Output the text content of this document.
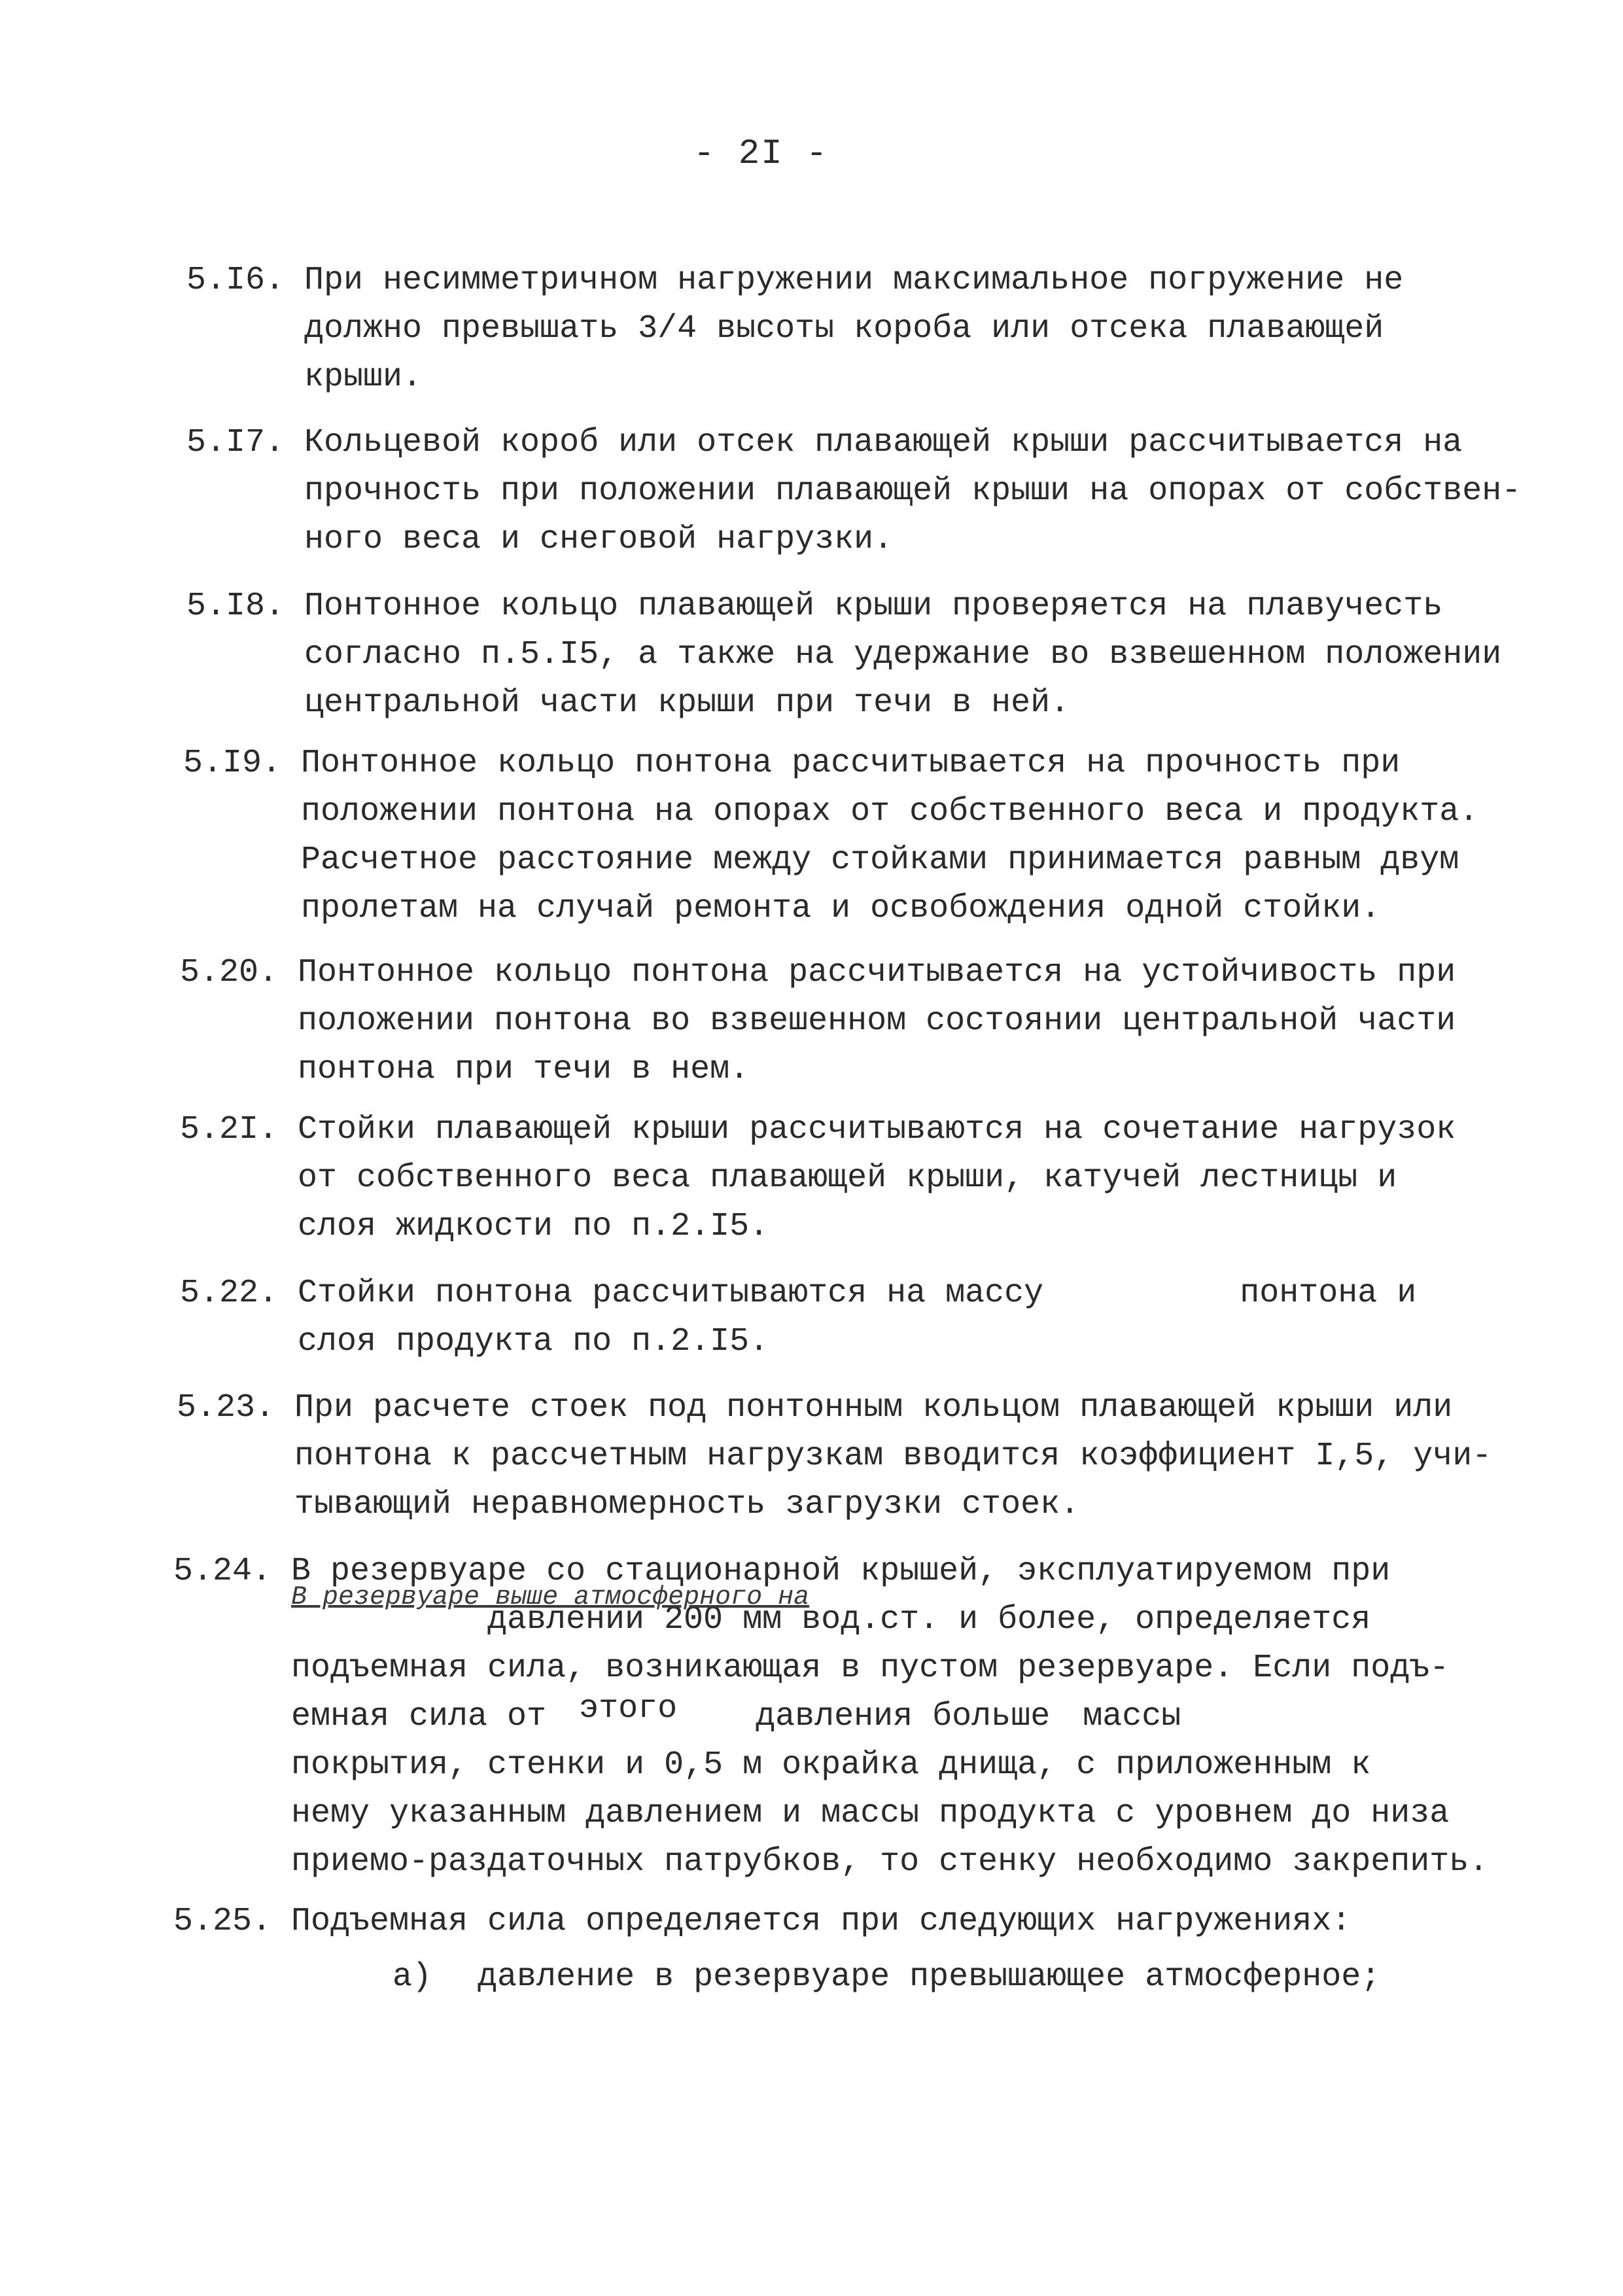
- 2I -
5.I6. При несимметричном нагружении максимальное погружение не
должно превышать 3/4 высоты короба или отсека плавающей
крыши.
5.I7. Кольцевой короб или отсек плавающей крыши рассчитывается на
прочность при положении плавающей крыши на опорах от собствен-
ного веса и снеговой нагрузки.
5.I8. Понтонное кольцо плавающей крыши проверяется на плавучесть
согласно п.5.I5, а также на удержание во взвешенном положении
центральной части крыши при течи в ней.
5.I9. Понтонное кольцо понтона рассчитывается на прочность при
положении понтона на опорах от собственного веса и продукта.
Расчетное расстояние между стойками принимается равным двум
пролетам на случай ремонта и освобождения одной стойки.
5.20. Понтонное кольцо понтона рассчитывается на устойчивость при
положении понтона во взвешенном состоянии центральной части
понтона при течи в нем.
5.2I. Стойки плавающей крыши рассчитываются на сочетание нагрузок
от собственного веса плавающей крыши, катучей лестницы и
слоя жидкости по п.2.I5.
5.22. Стойки понтона рассчитываются на массу	понтона и
слоя продукта по п.2.I5.
5.23. При расчете стоек под понтонным кольцом плавающей крыши или
понтона к рассчетным нагрузкам вводится коэффициент I,5, учи-
тывающий неравномерность загрузки стоек.
5.24. В резервуаре со стационарной крышей, эксплуатируемом при
давлении 200 мм вод.ст. и более, определяется
подъемная сила, возникающая в пустом резервуаре. Если подъ-
емная сила от этого давления больше массы
покрытия, стенки и 0,5 м окрайка днища, с приложенным к
нему указанным давлением и массы продукта с уровнем до низа
приемо-раздаточных патрубков, то стенку необходимо закрепить.
В резервуаре выше атмосферного на
5.25. Подъемная сила определяется при следующих нагружениях:
а) давление в резервуаре превышающее атмосферное;
